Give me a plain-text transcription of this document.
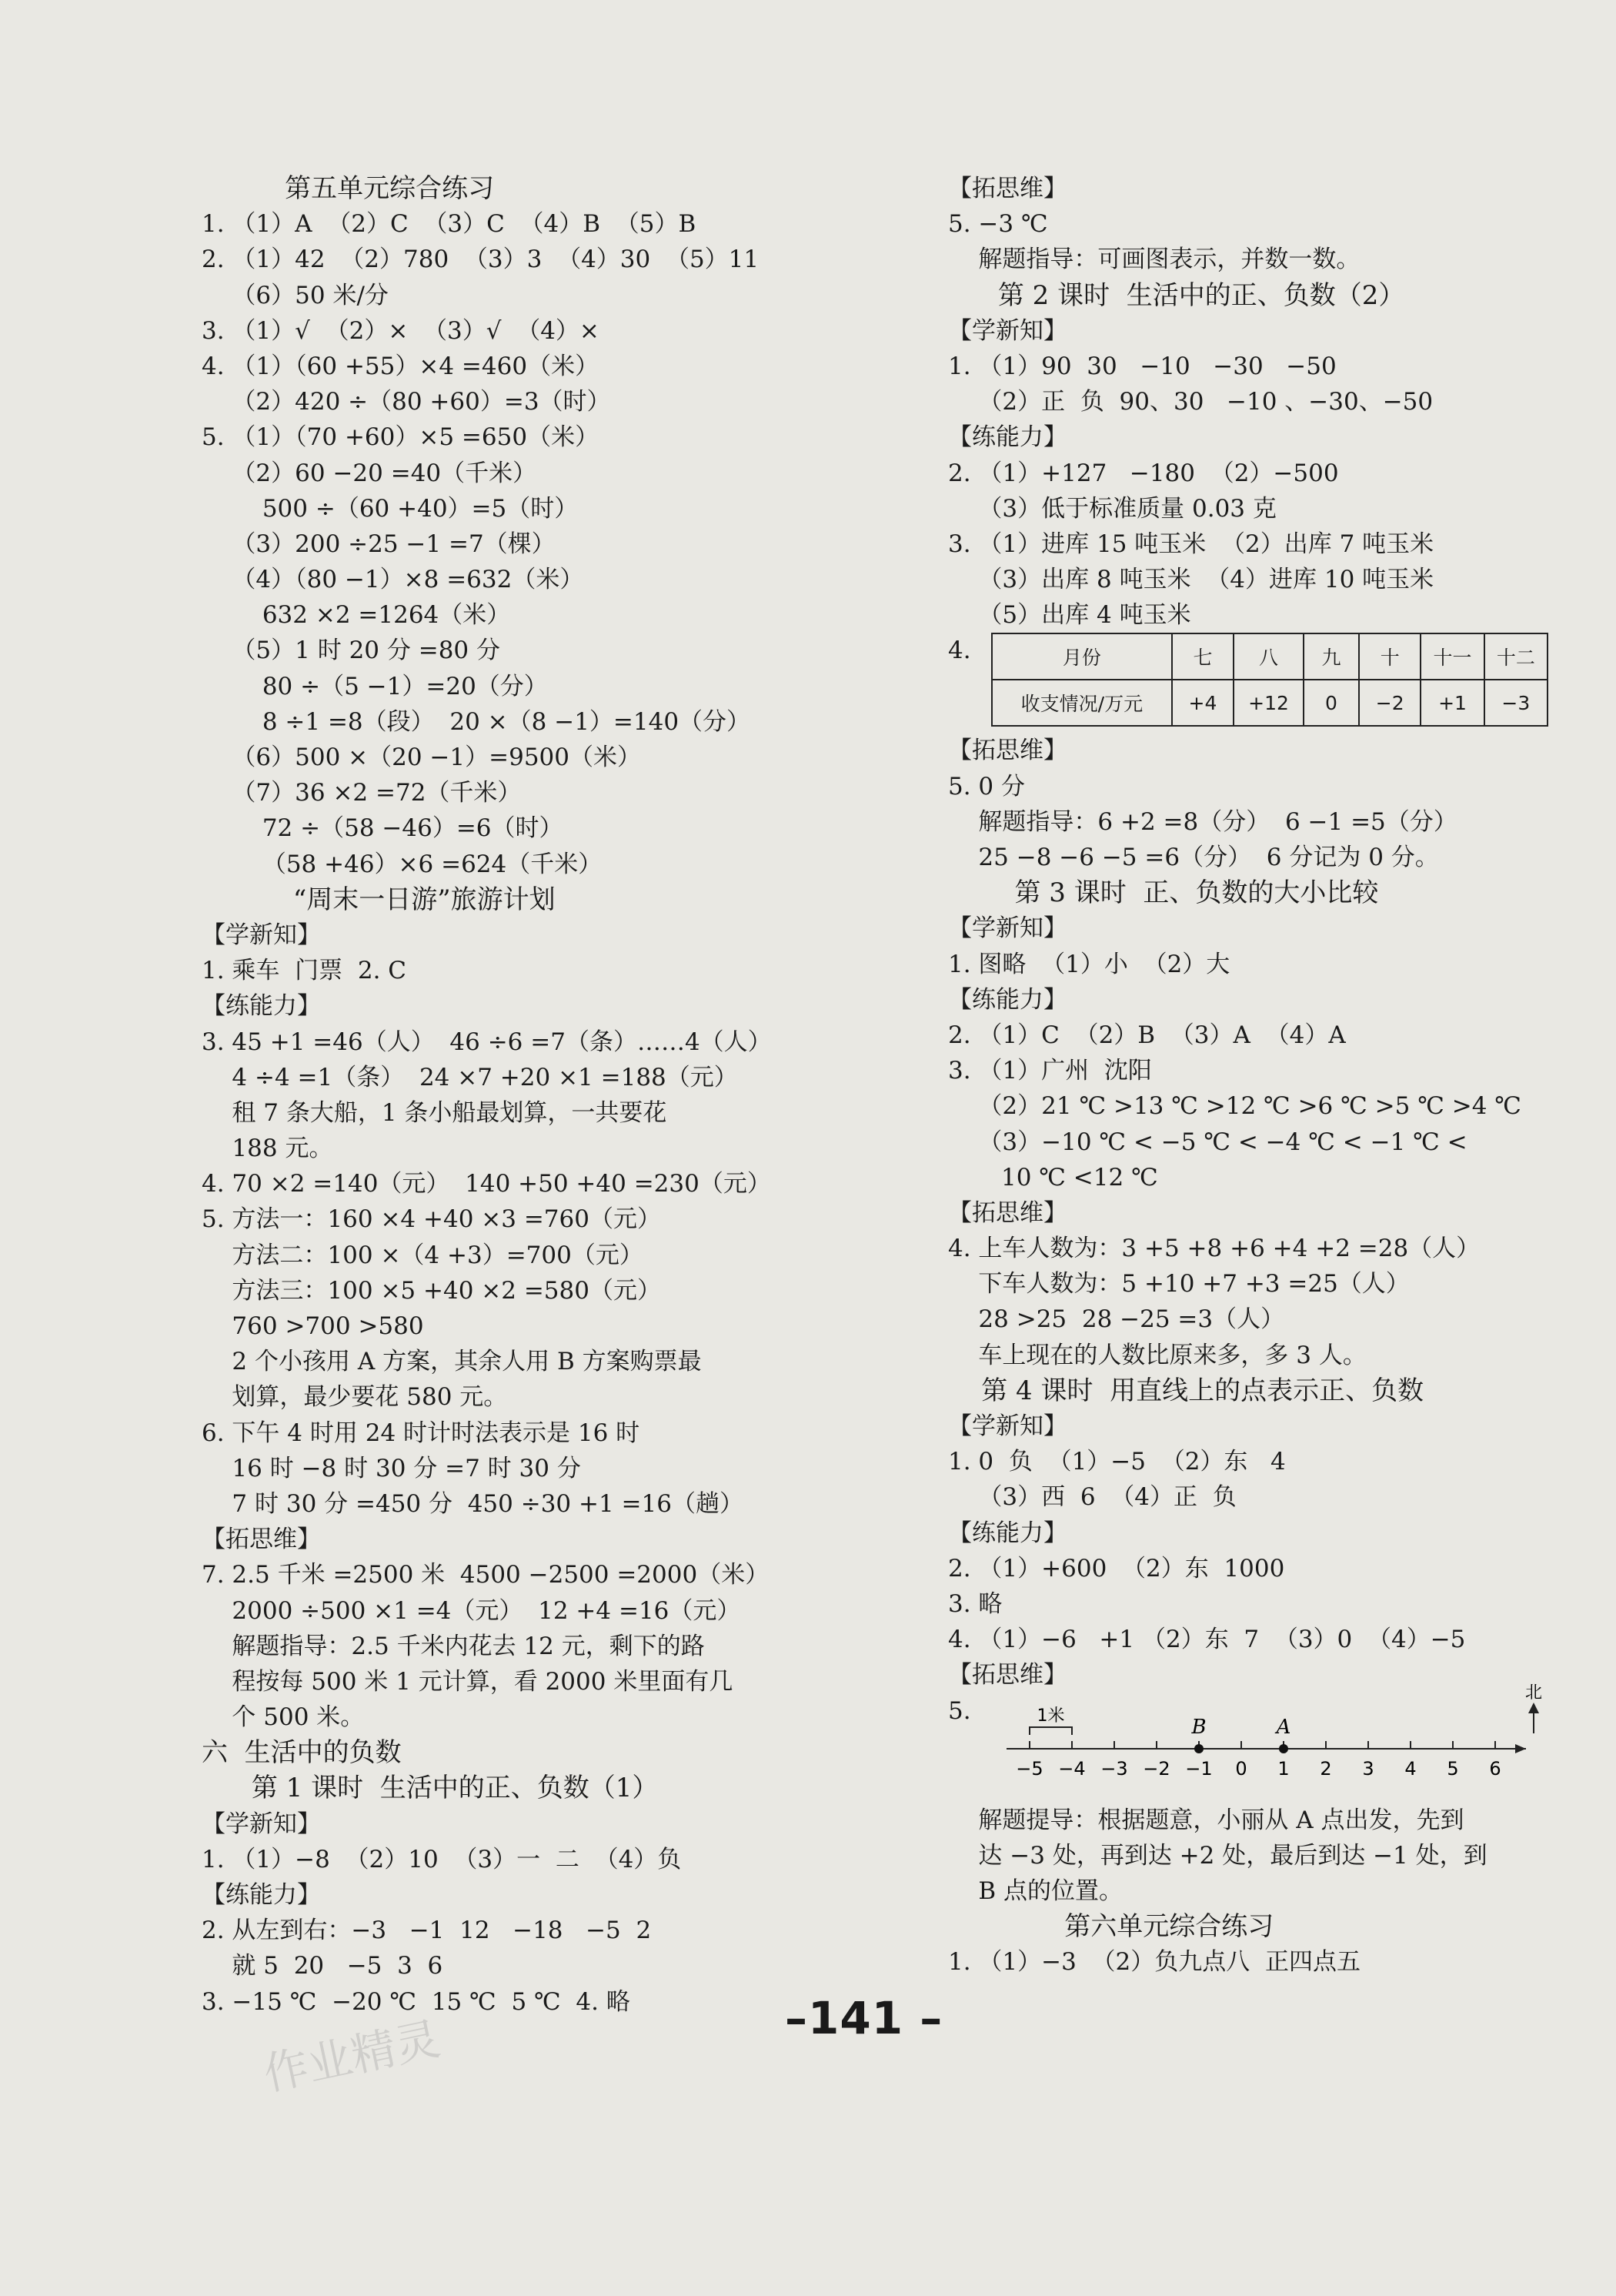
第五单元综合练习
1. （1）A  （2）C  （3）C  （4）B  （5）B
2. （1）42  （2）780  （3）3  （4）30  （5）11
（6）50 米/分
3. （1）√  （2）×  （3）√  （4）×
4. （1）（60 +55）×4 =460（米）
（2）420 ÷（80 +60）=3（时）
5. （1）（70 +60）×5 =650（米）
（2）60 −20 =40（千米）
500 ÷（60 +40）=5（时）
（3）200 ÷25 −1 =7（棵）
（4）（80 −1）×8 =632（米）
632 ×2 =1264（米）
（5）1 时 20 分 =80 分
80 ÷（5 −1）=20（分）
8 ÷1 =8（段）  20 ×（8 −1）=140（分）
（6）500 ×（20 −1）=9500（米）
（7）36 ×2 =72（千米）
72 ÷（58 −46）=6（时）
（58 +46）×6 =624（千米）
“周末一日游”旅游计划
【学新知】
1. 乘车  门票  2. C
【练能力】
3. 45 +1 =46（人）  46 ÷6 =7（条）……4（人）
4 ÷4 =1（条）  24 ×7 +20 ×1 =188（元）
租 7 条大船，1 条小船最划算，一共要花
188 元。
4. 70 ×2 =140（元）  140 +50 +40 =230（元）
5. 方法一：160 ×4 +40 ×3 =760（元）
方法二：100 ×（4 +3）=700（元）
方法三：100 ×5 +40 ×2 =580（元）
760 >700 >580
2 个小孩用 A 方案，其余人用 B 方案购票最
划算，最少要花 580 元。
6. 下午 4 时用 24 时计时法表示是 16 时
16 时 −8 时 30 分 =7 时 30 分
7 时 30 分 =450 分  450 ÷30 +1 =16（趟）
【拓思维】
7. 2.5 千米 =2500 米  4500 −2500 =2000（米）
2000 ÷500 ×1 =4（元）  12 +4 =16（元）
解题指导：2.5 千米内花去 12 元，剩下的路
程按每 500 米 1 元计算，看 2000 米里面有几
个 500 米。
六  生活中的负数
第 1 课时  生活中的正、负数（1）
【学新知】
1. （1）−8  （2）10  （3）一  二  （4）负
【练能力】
2. 从左到右：−3   −1  12   −18   −5  2
就 5  20   −5  3  6
3. −15 ℃  −20 ℃  15 ℃  5 ℃  4. 略
【拓思维】
5. −3 ℃
解题指导：可画图表示，并数一数。
第 2 课时  生活中的正、负数（2）
【学新知】
1. （1）90  30   −10   −30   −50
（2）正  负  90、30   −10 、−30、−50
【练能力】
2. （1）+127   −180  （2）−500
（3）低于标准质量 0.03 克
3. （1）进库 15 吨玉米  （2）出库 7 吨玉米
（3）出库 8 吨玉米  （4）进库 10 吨玉米
（5）出库 4 吨玉米
4.	月份	七	八	九	十	十一	十二
收支情况/万元	+4	+12	0	−2	+1	−3
【拓思维】
5. 0 分
解题指导：6 +2 =8（分）  6 −1 =5（分）
25 −8 −6 −5 =6（分）  6 分记为 0 分。
第 3 课时  正、负数的大小比较
【学新知】
1. 图略  （1）小  （2）大
【练能力】
2. （1）C  （2）B  （3）A  （4）A
3. （1）广州  沈阳
（2）21 ℃ >13 ℃ >12 ℃ >6 ℃ >5 ℃ >4 ℃
（3）−10 ℃ < −5 ℃ < −4 ℃ < −1 ℃ <
10 ℃ <12 ℃
【拓思维】
4. 上车人数为：3 +5 +8 +6 +4 +2 =28（人）
下车人数为：5 +10 +7 +3 =25（人）
28 >25  28 −25 =3（人）
车上现在的人数比原来多，多 3 人。
第 4 课时  用直线上的点表示正、负数
【学新知】
1. 0  负  （1）−5  （2）东   4
（3）西  6  （4）正  负
【练能力】
2. （1）+600  （2）东  1000
3. 略
4. （1）−6   +1 （2）东  7  （3）0  （4）−5
【拓思维】
5.
−5 −4 −3 −2 −1 0 1 2 3 4 5 6
1米	B	A
北
解题提导：根据题意，小丽从 A 点出发，先到
达 −3 处，再到达 +2 处，最后到达 −1 处，到
B 点的位置。
第六单元综合练习
1. （1）−3  （2）负九点八  正四点五
–141 –
作业精灵
